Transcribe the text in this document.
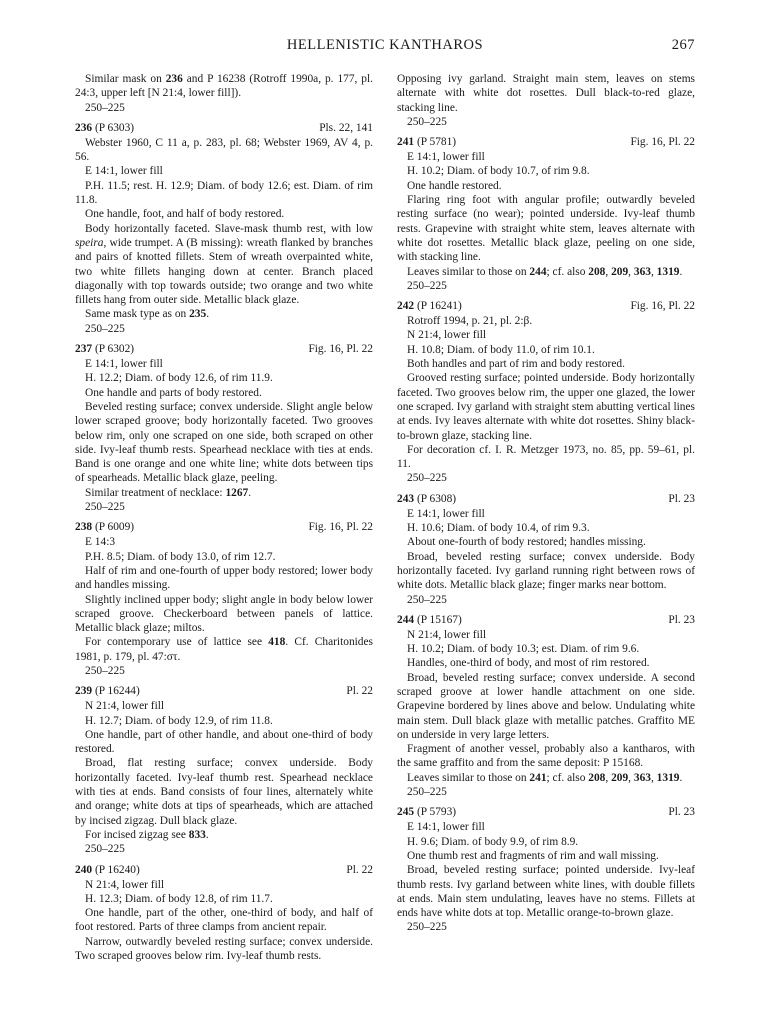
HELLENISTIC KANTHAROS	267

Similar mask on 236 and P 16238 (Rotroff 1990a, p. 177, pl. 24:3, upper left [N 21:4, lower fill]).

250–225
236 (P 6303)	Pls. 22, 141

Webster 1960, C 11 a, p. 283, pl. 68; Webster 1969, AV 4, p. 56.

E 14:1, lower fill

P.H. 11.5; rest. H. 12.9; Diam. of body 12.6; est. Diam. of rim 11.8.

One handle, foot, and half of body restored.

Body horizontally faceted. Slave-mask thumb rest, with low speira, wide trumpet. A (B missing): wreath flanked by branches and pairs of knotted fillets. Stem of wreath overpainted white, two white fillets hanging down at center. Branch placed diagonally with top towards outside; two orange and two white fillets hang from outer side. Metallic black glaze.

Same mask type as on 235.

250–225
237 (P 6302)	Fig. 16, Pl. 22
E 14:1, lower fill

H. 12.2; Diam. of body 12.6, of rim 11.9.

One handle and parts of body restored.

Beveled resting surface; convex underside. Slight angle below lower scraped groove; body horizontally faceted. Two grooves below rim, only one scraped on one side, both scraped on other side. Ivy-leaf thumb rests. Spearhead necklace with ties at ends. Band is one orange and one white line; white dots between tips of spearheads. Metallic black glaze, peeling.

Similar treatment of necklace: 1267.

250–225
238 (P 6009)	Fig. 16, Pl. 22
E 14:3

P.H. 8.5; Diam. of body 13.0, of rim 12.7.

Half of rim and one-fourth of upper body restored; lower body and handles missing.

Slightly inclined upper body; slight angle in body below lower scraped groove. Checkerboard between panels of lattice. Metallic black glaze; miltos.

For contemporary use of lattice see 418. Cf. Charitonides 1981, p. 179, pl. 47:στ.

250–225
239 (P 16244)	Pl. 22
N 21:4, lower fill

H. 12.7; Diam. of body 12.9, of rim 11.8.

One handle, part of other handle, and about one-third of body restored.

Broad, flat resting surface; convex underside. Body horizontally faceted. Ivy-leaf thumb rest. Spearhead necklace with ties at ends. Band consists of four lines, alternately white and orange; white dots at tips of spearheads, which are attached by incised zigzag. Dull black glaze.

For incised zigzag see 833.

250–225
240 (P 16240)	Pl. 22
N 21:4, lower fill

H. 12.3; Diam. of body 12.8, of rim 11.7.

One handle, part of the other, one-third of body, and half of foot restored. Parts of three clamps from ancient repair.

Narrow, outwardly beveled resting surface; convex underside. Two scraped grooves below rim. Ivy-leaf thumb rests.

Opposing ivy garland. Straight main stem, leaves on stems alternate with white dot rosettes. Dull black-to-red glaze, stacking line.

250–225
241 (P 5781)	Fig. 16, Pl. 22
E 14:1, lower fill

H. 10.2; Diam. of body 10.7, of rim 9.8.

One handle restored.

Flaring ring foot with angular profile; outwardly beveled resting surface (no wear); pointed underside. Ivy-leaf thumb rests. Grapevine with straight white stem, leaves alternate with white dot rosettes. Metallic black glaze, peeling on one side, with stacking line.

Leaves similar to those on 244; cf. also 208, 209, 363, 1319.

250–225
242 (P 16241)	Fig. 16, Pl. 22
Rotroff 1994, p. 21, pl. 2:β.
N 21:4, lower fill

H. 10.8; Diam. of body 11.0, of rim 10.1.

Both handles and part of rim and body restored.

Grooved resting surface; pointed underside. Body horizontally faceted. Two grooves below rim, the upper one glazed, the lower one scraped. Ivy garland with straight stem abutting vertical lines at ends. Ivy leaves alternate with white dot rosettes. Shiny black-to-brown glaze, stacking line.

For decoration cf. I. R. Metzger 1973, no. 85, pp. 59–61, pl. 11.

250–225
243 (P 6308)	Pl. 23
E 14:1, lower fill

H. 10.6; Diam. of body 10.4, of rim 9.3.

About one-fourth of body restored; handles missing.

Broad, beveled resting surface; convex underside. Body horizontally faceted. Ivy garland running right between rows of white dots. Metallic black glaze; finger marks near bottom.

250–225
244 (P 15167)	Pl. 23
N 21:4, lower fill

H. 10.2; Diam. of body 10.3; est. Diam. of rim 9.6.

Handles, one-third of body, and most of rim restored.

Broad, beveled resting surface; convex underside. A second scraped groove at lower handle attachment on one side. Grapevine bordered by lines above and below. Undulating white main stem. Dull black glaze with metallic patches. Graffito ME on underside in very large letters.

Fragment of another vessel, probably also a kantharos, with the same graffito and from the same deposit: P 15168.

Leaves similar to those on 241; cf. also 208, 209, 363, 1319.

250–225
245 (P 5793)	Pl. 23
E 14:1, lower fill

H. 9.6; Diam. of body 9.9, of rim 8.9.

One thumb rest and fragments of rim and wall missing.

Broad, beveled resting surface; pointed underside. Ivy-leaf thumb rests. Ivy garland between white lines, with double fillets at ends. Main stem undulating, leaves have no stems. Fillets at ends have white dots at top. Metallic orange-to-brown glaze.

250–225
